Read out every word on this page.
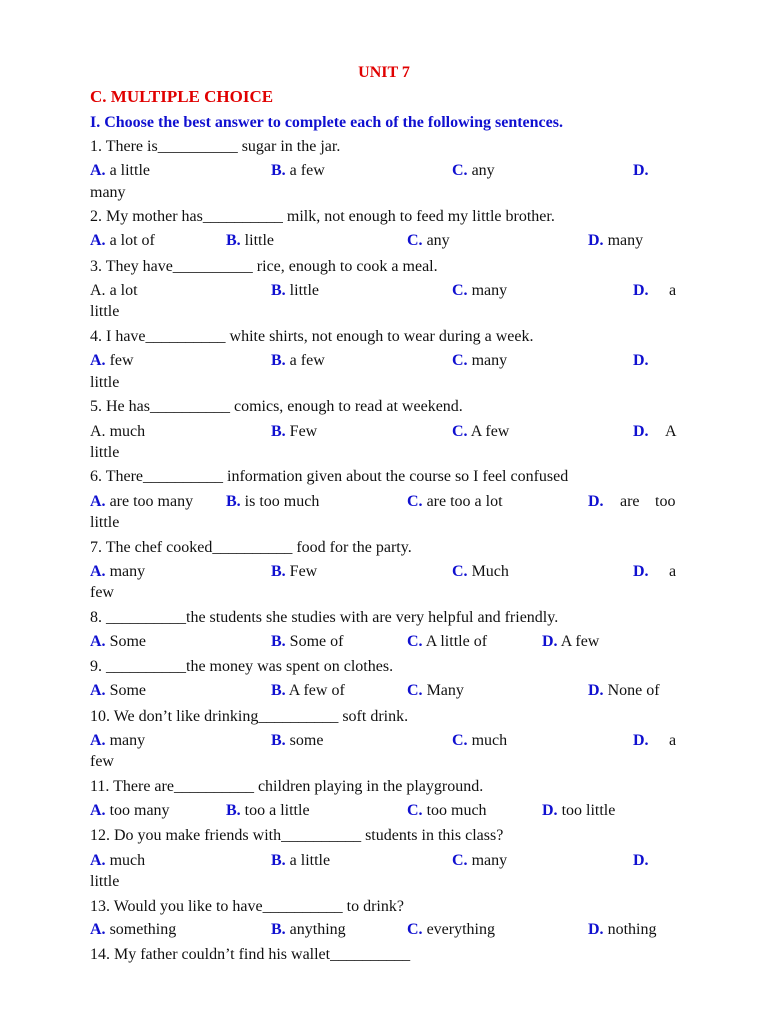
UNIT 7
C. MULTIPLE CHOICE
I. Choose the best answer to complete each of the following sentences.
1. There is__________ sugar in the jar.
A. a little	B. a few	C. any	D.
many
2. My mother has__________ milk, not enough to feed my little brother.
A. a lot of	B. little	C. any	D. many
3. They have__________ rice, enough to cook a meal.
A. a lot	B. little	C. many	D. a
little
4. I have__________ white shirts, not enough to wear during a week.
A. few	B. a few	C. many	D.
little
5. He has__________ comics, enough to read at weekend.
A. much	B. Few	C. A few	D. A
little
6. There__________ information given about the course so I feel confused
A. are too many B. is too much	C. are too a lot	D. are too
little
7. The chef cooked__________ food for the party.
A. many	B. Few	C. Much	D. a
few
8. __________the students she studies with are very helpful and friendly.
A. Some	B. Some of	C. A little of	D. A few
9. __________the money was spent on clothes.
A. Some	B. A few of	C. Many	D. None of
10. We don’t like drinking__________ soft drink.
A. many	B. some	C. much	D. a
few
11. There are__________ children playing in the playground.
A. too many	B. too a little	C. too much	D. too little
12. Do you make friends with__________ students in this class?
A. much	B. a little	C. many	D.
little
13. Would you like to have__________ to drink?
A. something	B. anything	C. everything	D. nothing
14. My father couldn’t find his wallet__________
